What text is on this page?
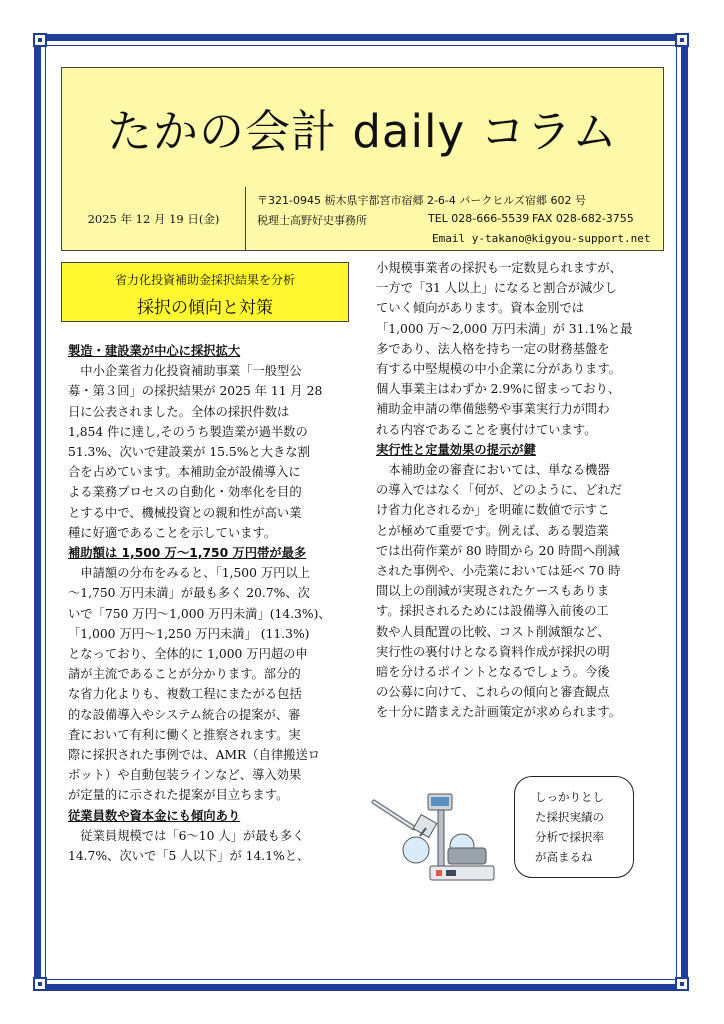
たかの会計 daily コラム
2025 年 12 月 19 日(金)
〒321-0945 栃木県宇都宮市宿郷 2-6-4 パークヒルズ宿郷 602 号
税理士高野好史事務所	TEL 028-666-5539 FAX 028-682-3755
Email y-takano@kigyou-support.net
省力化投資補助金採択結果を分析
採択の傾向と対策
製造・建設業が中心に採択拡大
　中小企業省力化投資補助事業「一般型公
募・第３回」の採択結果が 2025 年 11 月 28
日に公表されました。全体の採択件数は
1,854 件に達し,そのうち製造業が過半数の
51.3%、次いで建設業が 15.5%と大きな割
合を占めています。本補助金が設備導入に
よる業務プロセスの自動化・効率化を目的
とする中で、機械投資との親和性が高い業
種に好適であることを示しています。
補助額は 1,500 万～1,750 万円帯が最多
　申請額の分布をみると、「1,500 万円以上
～1,750 万円未満」が最も多く 20.7%、次
いで「750 万円～1,000 万円未満」(14.3%)、
「1,000 万円～1,250 万円未満」 (11.3%)
となっており、全体的に 1,000 万円超の申
請が主流であることが分かります。部分的
な省力化よりも、複数工程にまたがる包括
的な設備導入やシステム統合の提案が、審
査において有利に働くと推察されます。実
際に採択された事例では、AMR（自律搬送ロ
ボット）や自動包装ラインなど、導入効果
が定量的に示された提案が目立ちます。
従業員数や資本金にも傾向あり
　従業員規模では「6～10 人」が最も多く
14.7%、次いで「5 人以下」が 14.1%と、
小規模事業者の採択も一定数見られますが、
一方で「31 人以上」になると割合が減少し
ていく傾向があります。資本金別では
「1,000 万～2,000 万円未満」が 31.1%と最
多であり、法人格を持ち一定の財務基盤を
有する中堅規模の中小企業に分があります。
個人事業主はわずか 2.9%に留まっており、
補助金申請の準備態勢や事業実行力が問わ
れる内容であることを裏付けています。
実行性と定量効果の提示が鍵
　本補助金の審査においては、単なる機器
の導入ではなく「何が、どのように、どれだ
け省力化されるか」を明確に数値で示すこ
とが極めて重要です。例えば、ある製造業
では出荷作業が 80 時間から 20 時間へ削減
された事例や、小売業においては延べ 70 時
間以上の削減が実現されたケースもありま
す。採択されるためには設備導入前後の工
数や人員配置の比較、コスト削減額など、
実行性の裏付けとなる資料作成が採択の明
暗を分けるポイントとなるでしょう。今後
の公募に向けて、これらの傾向と審査観点
を十分に踏まえた計画策定が求められます。
しっかりとし
た採択実績の
分析で採択率
が高まるね
